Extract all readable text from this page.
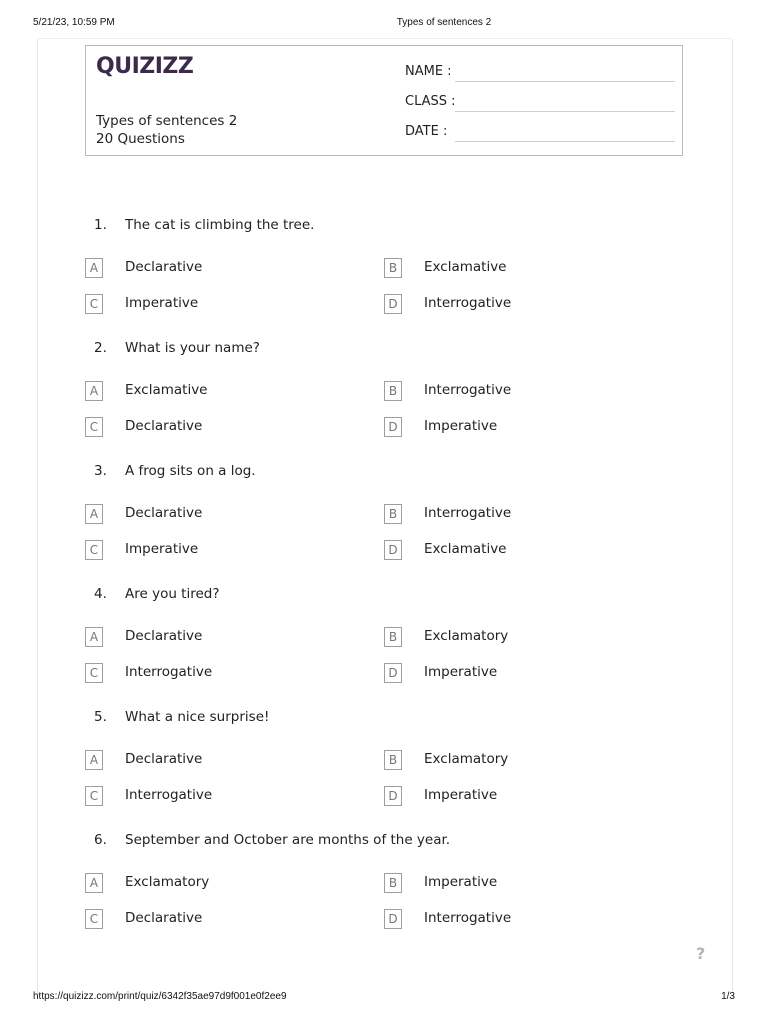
5/21/23, 10:59 PM	Types of sentences 2
QUIZIZZ
Types of sentences 2
20 Questions
NAME :
CLASS :
DATE :
1. The cat is climbing the tree.
A	Declarative	B	Exclamative
C	Imperative	D	Interrogative
2. What is your name?
A	Exclamative	B	Interrogative
C	Declarative	D	Imperative
3. A frog sits on a log.
A	Declarative	B	Interrogative
C	Imperative	D	Exclamative
4. Are you tired?
A	Declarative	B	Exclamatory
C	Interrogative	D	Imperative
5. What a nice surprise!
A	Declarative	B	Exclamatory
C	Interrogative	D	Imperative
6. September and October are months of the year.
A	Exclamatory	B	Imperative
C	Declarative	D	Interrogative
?
https://quizizz.com/print/quiz/6342f35ae97d9f001e0f2ee9	1/3
